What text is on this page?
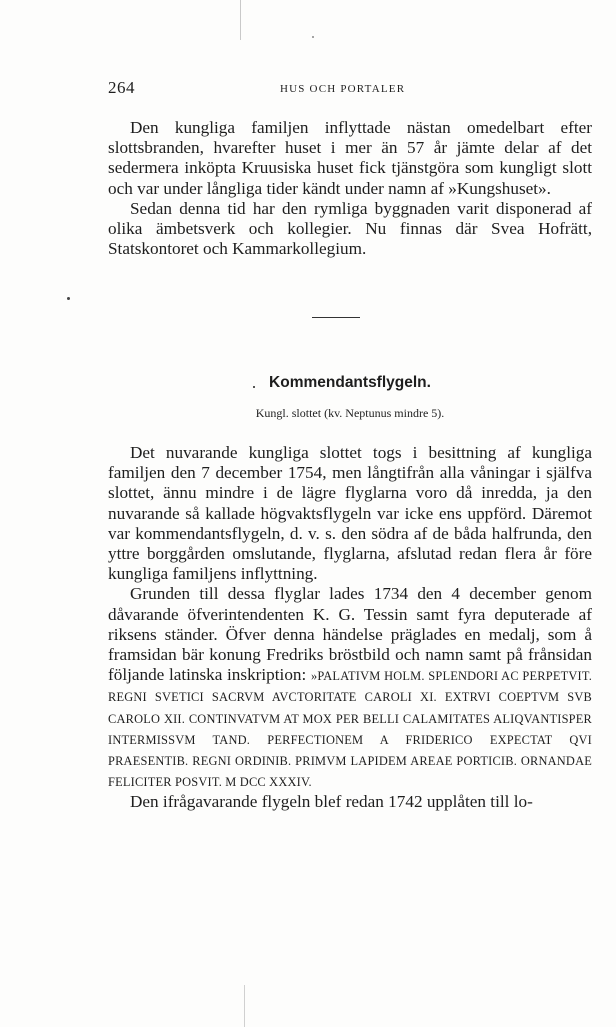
264	HUS OCH PORTALER

Den kungliga familjen inflyttade nästan omedelbart efter slottsbranden, hvarefter huset i mer än 57 år jämte delar af det sedermera inköpta Kruusiska huset fick tjänstgöra som kungligt slott och var under långliga tider kändt under namn af »Kungshuset».

Sedan denna tid har den rymliga byggnaden varit disponerad af olika ämbetsverk och kollegier. Nu finnas där Svea Hofrätt, Statskontoret och Kammarkollegium.

Kommendantsflygeln.
Kungl. slottet (kv. Neptunus mindre 5).

Det nuvarande kungliga slottet togs i besittning af kungliga familjen den 7 december 1754, men långtifrån alla våningar i själfva slottet, ännu mindre i de lägre flyglarna voro då inredda, ja den nuvarande så kallade högvaktsflygeln var icke ens uppförd. Däremot var kommendantsflygeln, d. v. s. den södra af de båda halfrunda, den yttre borggården omslutande, flyglarna, afslutad redan flera år före kungliga familjens inflyttning.

Grunden till dessa flyglar lades 1734 den 4 december genom dåvarande öfverintendenten K. G. Tessin samt fyra deputerade af riksens ständer. Öfver denna händelse präglades en medalj, som å framsidan bär konung Fredriks bröstbild och namn samt på frånsidan följande latinska inskription: »PALATIVM HOLM. SPLENDORI AC PERPETVIT. REGNI SVETICI SACRVM AVCTORITATE CAROLI XI. EXTRVI COEPTVM SVB CAROLO XII. CONTINVATVM AT MOX PER BELLI CALAMITATES ALIQVANTISPER INTERMISSVM TAND. PERFECTIONEM A FRIDERICO EXPECTAT QVI PRAESENTIB. REGNI ORDINIB. PRIMVM LAPIDEM AREAE PORTICIB. ORNANDAE FELICITER POSVIT. M DCC XXXIV.

Den ifrågavarande flygeln blef redan 1742 upplåten till lo-
